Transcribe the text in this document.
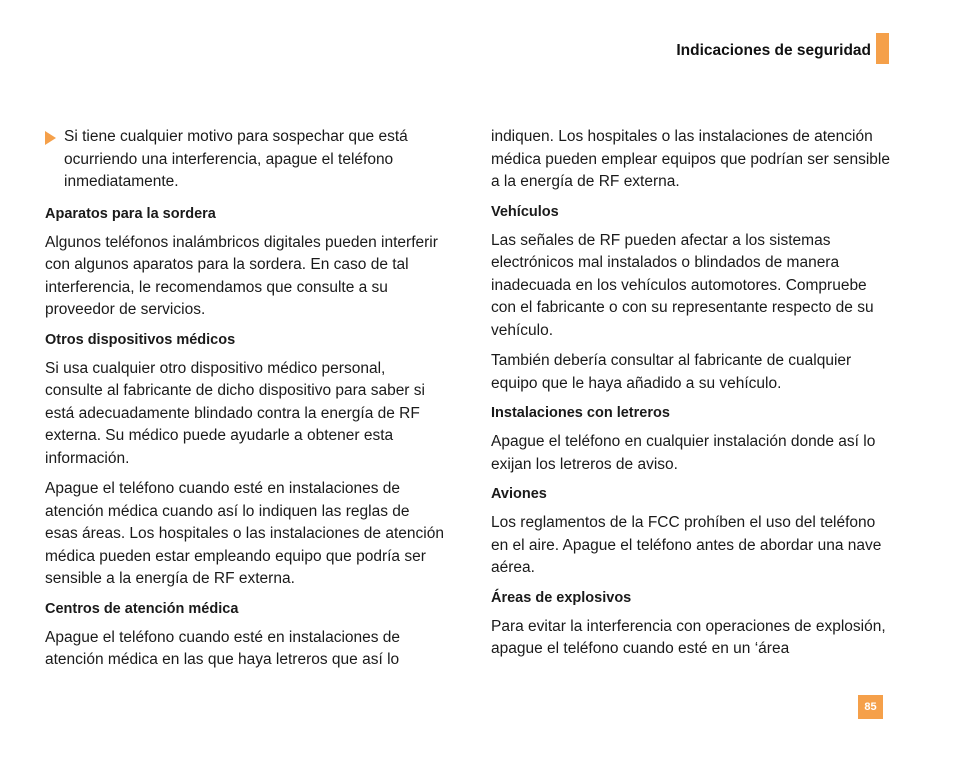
Indicaciones de seguridad

Si tiene cualquier motivo para sospechar que está ocurriendo una interferencia, apague el teléfono inmediatamente.

Aparatos para la sordera

Algunos teléfonos inalámbricos digitales pueden interferir con algunos aparatos para la sordera. En caso de tal interferencia, le recomendamos que consulte a su proveedor de servicios.

Otros dispositivos médicos

Si usa cualquier otro dispositivo médico personal, consulte al fabricante de dicho dispositivo para saber si está adecuadamente blindado contra la energía de RF externa. Su médico puede ayudarle a obtener esta información.

Apague el teléfono cuando esté en instalaciones de atención médica cuando así lo indiquen las reglas de esas áreas. Los hospitales o las instalaciones de atención médica pueden estar empleando equipo que podría ser sensible a la energía de RF externa.

Centros de atención médica

Apague el teléfono cuando esté en instalaciones de atención médica en las que haya letreros que así lo

indiquen. Los hospitales o las instalaciones de atención médica pueden emplear equipos que podrían ser sensible a la energía de RF externa.

Vehículos

Las señales de RF pueden afectar a los sistemas electrónicos mal instalados o blindados de manera inadecuada en los vehículos automotores. Compruebe con el fabricante o con su representante respecto de su vehículo.

También debería consultar al fabricante de cualquier equipo que le haya añadido a su vehículo.

Instalaciones con letreros

Apague el teléfono en cualquier instalación donde así lo exijan los letreros de aviso.

Aviones

Los reglamentos de la FCC prohíben el uso del teléfono en el aire. Apague el teléfono antes de abordar una nave aérea.

Áreas de explosivos

Para evitar la interferencia con operaciones de explosión, apague el teléfono cuando esté en un ‘área

85
